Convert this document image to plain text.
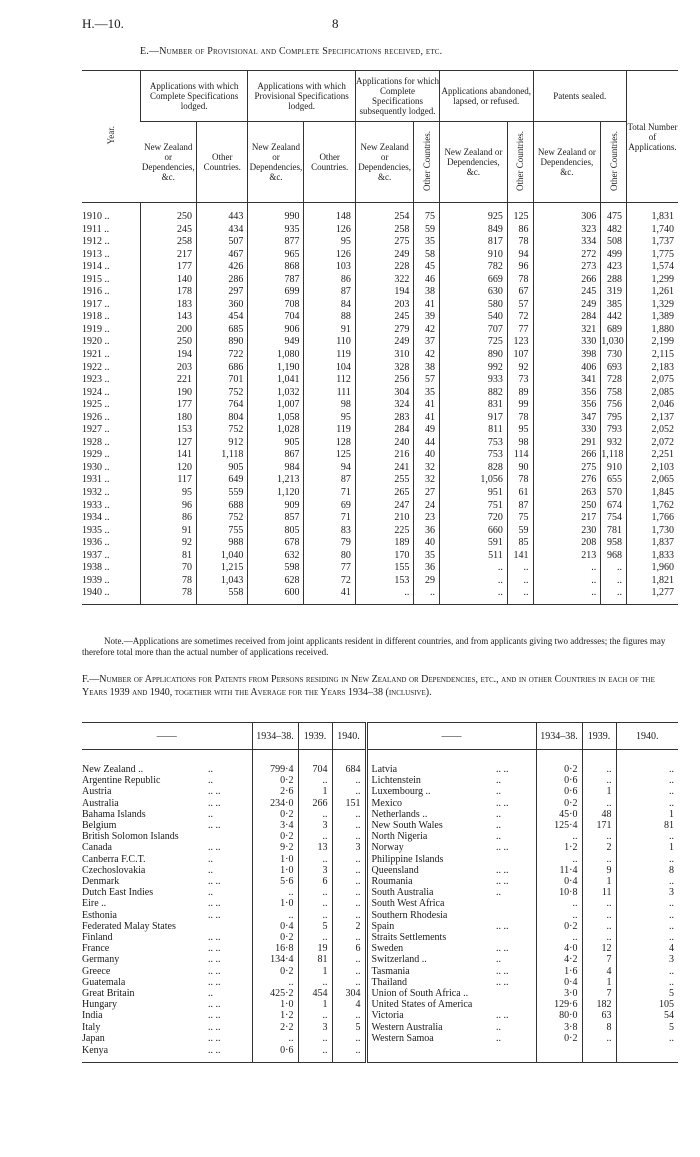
H.—10.	8
E.—Number of Provisional and Complete Specifications received, etc.
Year.	Applications with which Complete Specifications lodged.		Applications with which Provisional Specifications lodged.		Applications for which Complete Specifications subsequently lodged.		Applications abandoned, lapsed, or refused.		Patents sealed.		Total Number of Applications.
	New Zealand or Dependencies, &c.	Other Countries.	New Zealand or Dependencies, &c.	Other Countries.	New Zealand or Dependencies, &c.	Other Countries.	New Zealand or Dependencies, &c.	Other Countries.	New Zealand or Dependencies, &c.	Other Countries.	

1910 ..	250	443	990	148	254	75	925	125	306	475	1,831
1911 ..	245	434	935	126	258	59	849	86	323	482	1,740
1912 ..	258	507	877	95	275	35	817	78	334	508	1,737
1913 ..	217	467	965	126	249	58	910	94	272	499	1,775
1914 ..	177	426	868	103	228	45	782	96	273	423	1,574
1915 ..	140	286	787	86	322	46	669	78	266	288	1,299
1916 ..	178	297	699	87	194	38	630	67	245	319	1,261
1917 ..	183	360	708	84	203	41	580	57	249	385	1,329
1918 ..	143	454	704	88	245	39	540	72	284	442	1,389
1919 ..	200	685	906	91	279	42	707	77	321	689	1,880
1920 ..	250	890	949	110	249	37	725	123	330	1,030	2,199
1921 ..	194	722	1,080	119	310	42	890	107	398	730	2,115
1922 ..	203	686	1,190	104	328	38	992	92	406	693	2,183
1923 ..	221	701	1,041	112	256	57	933	73	341	728	2,075
1924 ..	190	752	1,032	111	304	35	882	89	356	758	2,085
1925 ..	177	764	1,007	98	324	41	831	99	356	756	2,046
1926 ..	180	804	1,058	95	283	41	917	78	347	795	2,137
1927 ..	153	752	1,028	119	284	49	811	95	330	793	2,052
1928 ..	127	912	905	128	240	44	753	98	291	932	2,072
1929 ..	141	1,118	867	125	216	40	753	114	266	1,118	2,251
1930 ..	120	905	984	94	241	32	828	90	275	910	2,103
1931 ..	117	649	1,213	87	255	32	1,056	78	276	655	2,065
1932 ..	95	559	1,120	71	265	27	951	61	263	570	1,845
1933 ..	96	688	909	69	247	24	751	87	250	674	1,762
1934 ..	86	752	857	71	210	23	720	75	217	754	1,766
1935 ..	91	755	805	83	225	36	660	59	230	781	1,730
1936 ..	92	988	678	79	189	40	591	85	208	958	1,837
1937 ..	81	1,040	632	80	170	35	511	141	213	968	1,833
1938 ..	70	1,215	598	77	155	36	..	..	..	..	1,960
1939 ..	78	1,043	628	72	153	29	..	..	..	..	1,821
1940 ..	78	558	600	41	..	..	..	..	..	..	1,277
Note.—Applications are sometimes received from joint applicants resident in different countries, and from applicants giving two addresses; the figures may therefore total more than the actual number of applications received.
F.—Number of Applications for Patents from Persons residing in New Zealand or Dependencies, etc., and in other Countries in each of the Years 1939 and 1940, together with the Average for the Years 1934–38 (inclusive).
——		1934–38.	1939.	1940.	——		1934–38.	1939.	1940.

New Zealand ..	..	799·4	704	684	Latvia	.. ..	0·2	..	..
Argentine Republic	..	0·2	..	..	Lichtenstein	..	0·6	..	..
Austria	.. ..	2·6	1	..	Luxembourg ..	..	0·6	1	..
Australia	.. ..	234·0	266	151	Mexico	.. ..	0·2	..	..
Bahama Islands	..	0·2	..	..	Netherlands ..	..	45·0	48	1
Belgium	.. ..	3·4	3	..	New South Wales	..	125·4	171	81
British Solomon Islands		0·2	..	..	North Nigeria	..	..	..	..
Canada	.. ..	9·2	13	3	Norway	.. ..	1·2	2	1
Canberra F.C.T.	..	1·0	..	..	Philippine Islands		..	..	..
Czechoslovakia	..	1·0	3	..	Queensland	.. ..	11·4	9	8
Denmark	.. ..	5·6	6	..	Roumania	.. ..	0·4	1	..
Dutch East Indies	..	..	..	..	South Australia	..	10·8	11	3
Eire ..	.. ..	1·0	..	..	South West Africa		..	..	..
Esthonia	.. ..	..	..	..	Southern Rhodesia		..	..	..
Federated Malay States		0·4	5	2	Spain	.. ..	0·2	..	..
Finland	.. ..	0·2	..	..	Straits Settlements		..	..	..
France	.. ..	16·8	19	6	Sweden	.. ..	4·0	12	4
Germany	.. ..	134·4	81	..	Switzerland ..	..	4·2	7	3
Greece	.. ..	0·2	1	..	Tasmania	.. ..	1·6	4	..
Guatemala	.. ..	..	..	..	Thailand	.. ..	0·4	1	..
Great Britain	..	425·2	454	304	Union of South Africa ..		3·0	7	5
Hungary	.. ..	1·0	1	4	United States of America		129·6	182	105
India	.. ..	1·2	..	..	Victoria	.. ..	80·0	63	54
Italy	.. ..	2·2	3	5	Western Australia	..	3·8	8	5
Japan	.. ..	..	..	..	Western Samoa	..	0·2	..	..
Kenya	.. ..	0·6	..	..					
